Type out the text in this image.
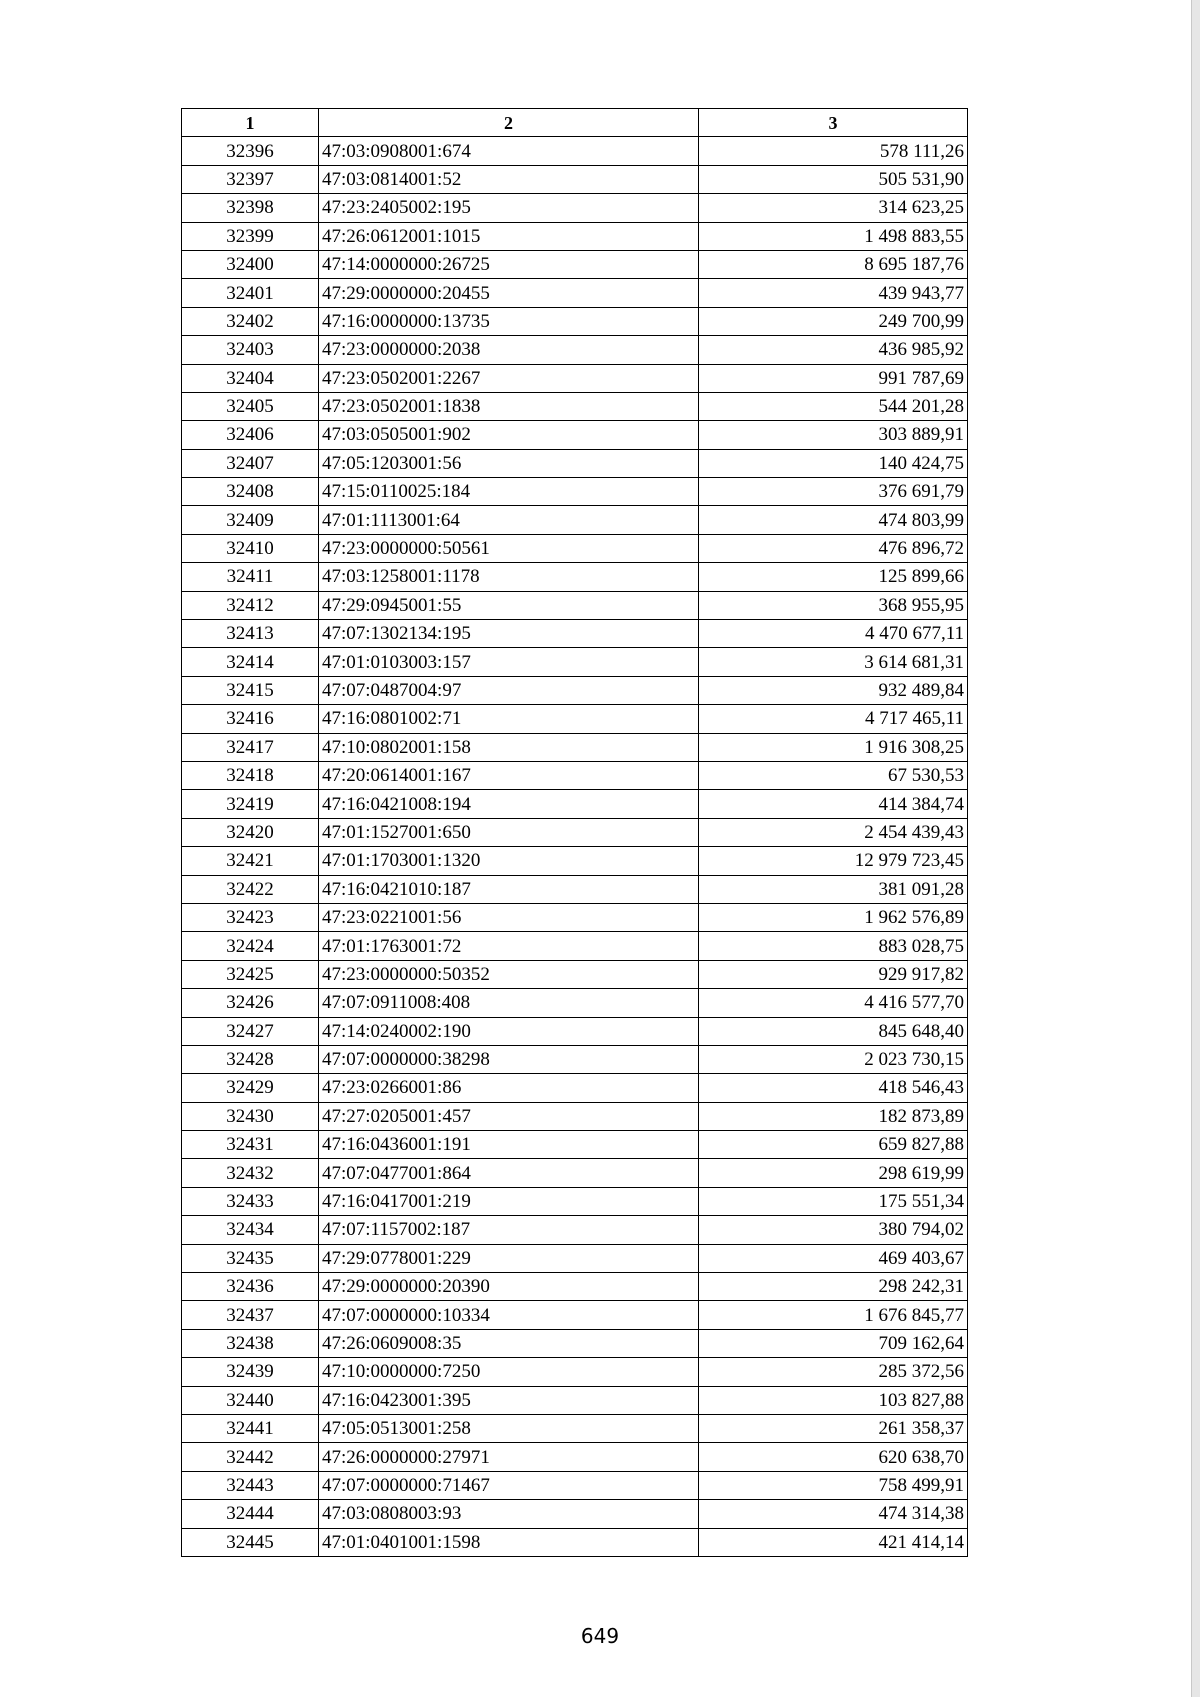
1	2	3
32396	47:03:0908001:674	578 111,26
32397	47:03:0814001:52	505 531,90
32398	47:23:2405002:195	314 623,25
32399	47:26:0612001:1015	1 498 883,55
32400	47:14:0000000:26725	8 695 187,76
32401	47:29:0000000:20455	439 943,77
32402	47:16:0000000:13735	249 700,99
32403	47:23:0000000:2038	436 985,92
32404	47:23:0502001:2267	991 787,69
32405	47:23:0502001:1838	544 201,28
32406	47:03:0505001:902	303 889,91
32407	47:05:1203001:56	140 424,75
32408	47:15:0110025:184	376 691,79
32409	47:01:1113001:64	474 803,99
32410	47:23:0000000:50561	476 896,72
32411	47:03:1258001:1178	125 899,66
32412	47:29:0945001:55	368 955,95
32413	47:07:1302134:195	4 470 677,11
32414	47:01:0103003:157	3 614 681,31
32415	47:07:0487004:97	932 489,84
32416	47:16:0801002:71	4 717 465,11
32417	47:10:0802001:158	1 916 308,25
32418	47:20:0614001:167	67 530,53
32419	47:16:0421008:194	414 384,74
32420	47:01:1527001:650	2 454 439,43
32421	47:01:1703001:1320	12 979 723,45
32422	47:16:0421010:187	381 091,28
32423	47:23:0221001:56	1 962 576,89
32424	47:01:1763001:72	883 028,75
32425	47:23:0000000:50352	929 917,82
32426	47:07:0911008:408	4 416 577,70
32427	47:14:0240002:190	845 648,40
32428	47:07:0000000:38298	2 023 730,15
32429	47:23:0266001:86	418 546,43
32430	47:27:0205001:457	182 873,89
32431	47:16:0436001:191	659 827,88
32432	47:07:0477001:864	298 619,99
32433	47:16:0417001:219	175 551,34
32434	47:07:1157002:187	380 794,02
32435	47:29:0778001:229	469 403,67
32436	47:29:0000000:20390	298 242,31
32437	47:07:0000000:10334	1 676 845,77
32438	47:26:0609008:35	709 162,64
32439	47:10:0000000:7250	285 372,56
32440	47:16:0423001:395	103 827,88
32441	47:05:0513001:258	261 358,37
32442	47:26:0000000:27971	620 638,70
32443	47:07:0000000:71467	758 499,91
32444	47:03:0808003:93	474 314,38
32445	47:01:0401001:1598	421 414,14
649
